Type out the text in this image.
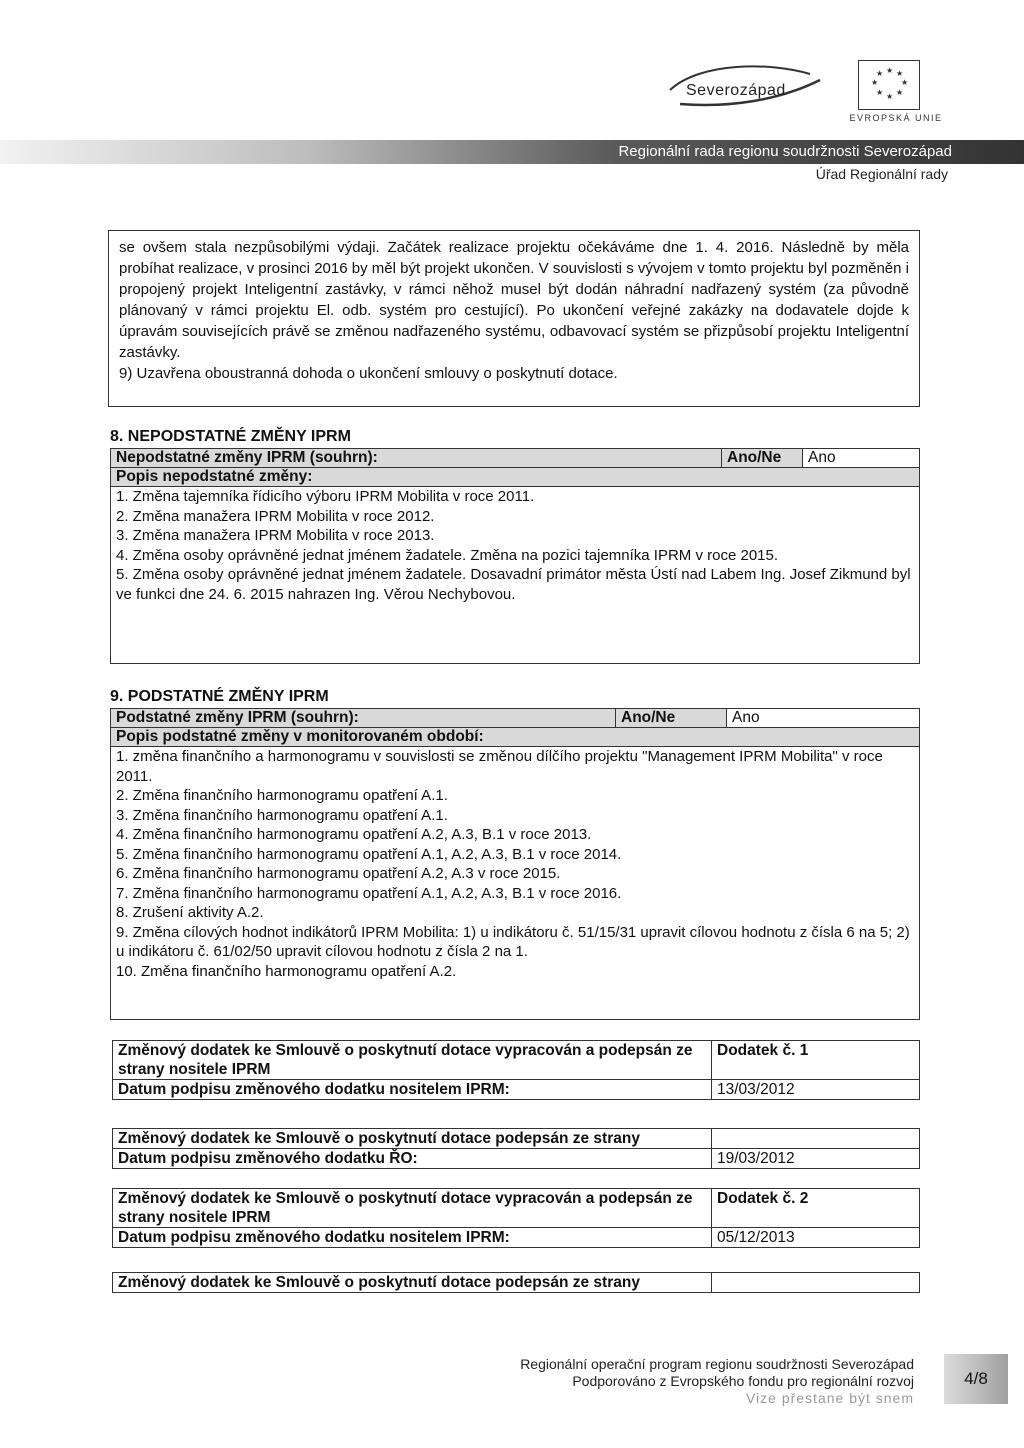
Severozápad
★ ★
★
★
★
★
★
★
EVROPSKÁ UNIE
Regionální rada regionu soudržnosti Severozápad
Úřad Regionální rady

se ovšem stala nezpůsobilými výdaji. Začátek realizace projektu očekáváme dne 1. 4. 2016. Následně by měla probíhat realizace, v prosinci 2016 by měl být projekt ukončen. V souvislosti s vývojem v tomto projektu byl pozměněn i propojený projekt Inteligentní zastávky, v rámci něhož musel být dodán náhradní nadřazený systém (za původně plánovaný v rámci projektu El. odb. systém pro cestující). Po ukončení veřejné zakázky na dodavatele dojde k úpravám souvisejících právě se změnou nadřazeného systému, odbavovací systém se přizpůsobí projektu Inteligentní zastávky.

9) Uzavřena oboustranná dohoda o ukončení smlouvy o poskytnutí dotace.

8. NEPODSTATNÉ ZMĚNY IPRM
Nepodstatné změny IPRM (souhrn):	Ano/Ne	Ano
Popis nepodstatné změny:

1. Změna tajemníka řídicího výboru IPRM Mobilita v roce 2011.
2. Změna manažera IPRM Mobilita v roce 2012.
3. Změna manažera IPRM Mobilita v roce 2013.
4. Změna osoby oprávněné jednat jménem žadatele. Změna na pozici tajemníka IPRM v roce 2015.
5. Změna osoby oprávněné jednat jménem žadatele. Dosavadní primátor města Ústí nad Labem Ing. Josef Zikmund byl ve funkci dne 24. 6. 2015 nahrazen Ing. Věrou Nechybovou.
9. PODSTATNÉ ZMĚNY IPRM
Podstatné změny IPRM (souhrn):	Ano/Ne	Ano
Popis podstatné změny v monitorovaném období:

1. změna finančního a harmonogramu v souvislosti se změnou dílčího projektu "Management IPRM Mobilita" v roce 2011.
2. Změna finančního harmonogramu opatření A.1.
3. Změna finančního harmonogramu opatření A.1.
4. Změna finančního harmonogramu opatření A.2, A.3, B.1 v roce 2013.
5. Změna finančního harmonogramu opatření A.1, A.2, A.3, B.1 v roce 2014.
6. Změna finančního harmonogramu opatření A.2, A.3 v roce 2015.
7. Změna finančního harmonogramu opatření A.1, A.2, A.3, B.1 v roce 2016.
8. Zrušení aktivity A.2.
9. Změna cílových hodnot indikátorů IPRM Mobilita: 1) u indikátoru č. 51/15/31 upravit cílovou hodnotu z čísla 6 na 5; 2) u indikátoru č. 61/02/50 upravit cílovou hodnotu z čísla 2 na 1.
10. Změna finančního harmonogramu opatření A.2.
Změnový dodatek ke Smlouvě o poskytnutí dotace vypracován a podepsán ze strany nositele IPRM	Dodatek č. 1
Datum podpisu změnového dodatku nositelem IPRM:	13/03/2012
Změnový dodatek ke Smlouvě o poskytnutí dotace podepsán ze strany	
Datum podpisu změnového dodatku ŘO:	19/03/2012
Změnový dodatek ke Smlouvě o poskytnutí dotace vypracován a podepsán ze strany nositele IPRM	Dodatek č. 2
Datum podpisu změnového dodatku nositelem IPRM:	05/12/2013
Změnový dodatek ke Smlouvě o poskytnutí dotace podepsán ze strany	
Regionální operační program regionu soudržnosti Severozápad
Podporováno z Evropského fondu pro regionální rozvoj
Vize přestane být snem
4/8
